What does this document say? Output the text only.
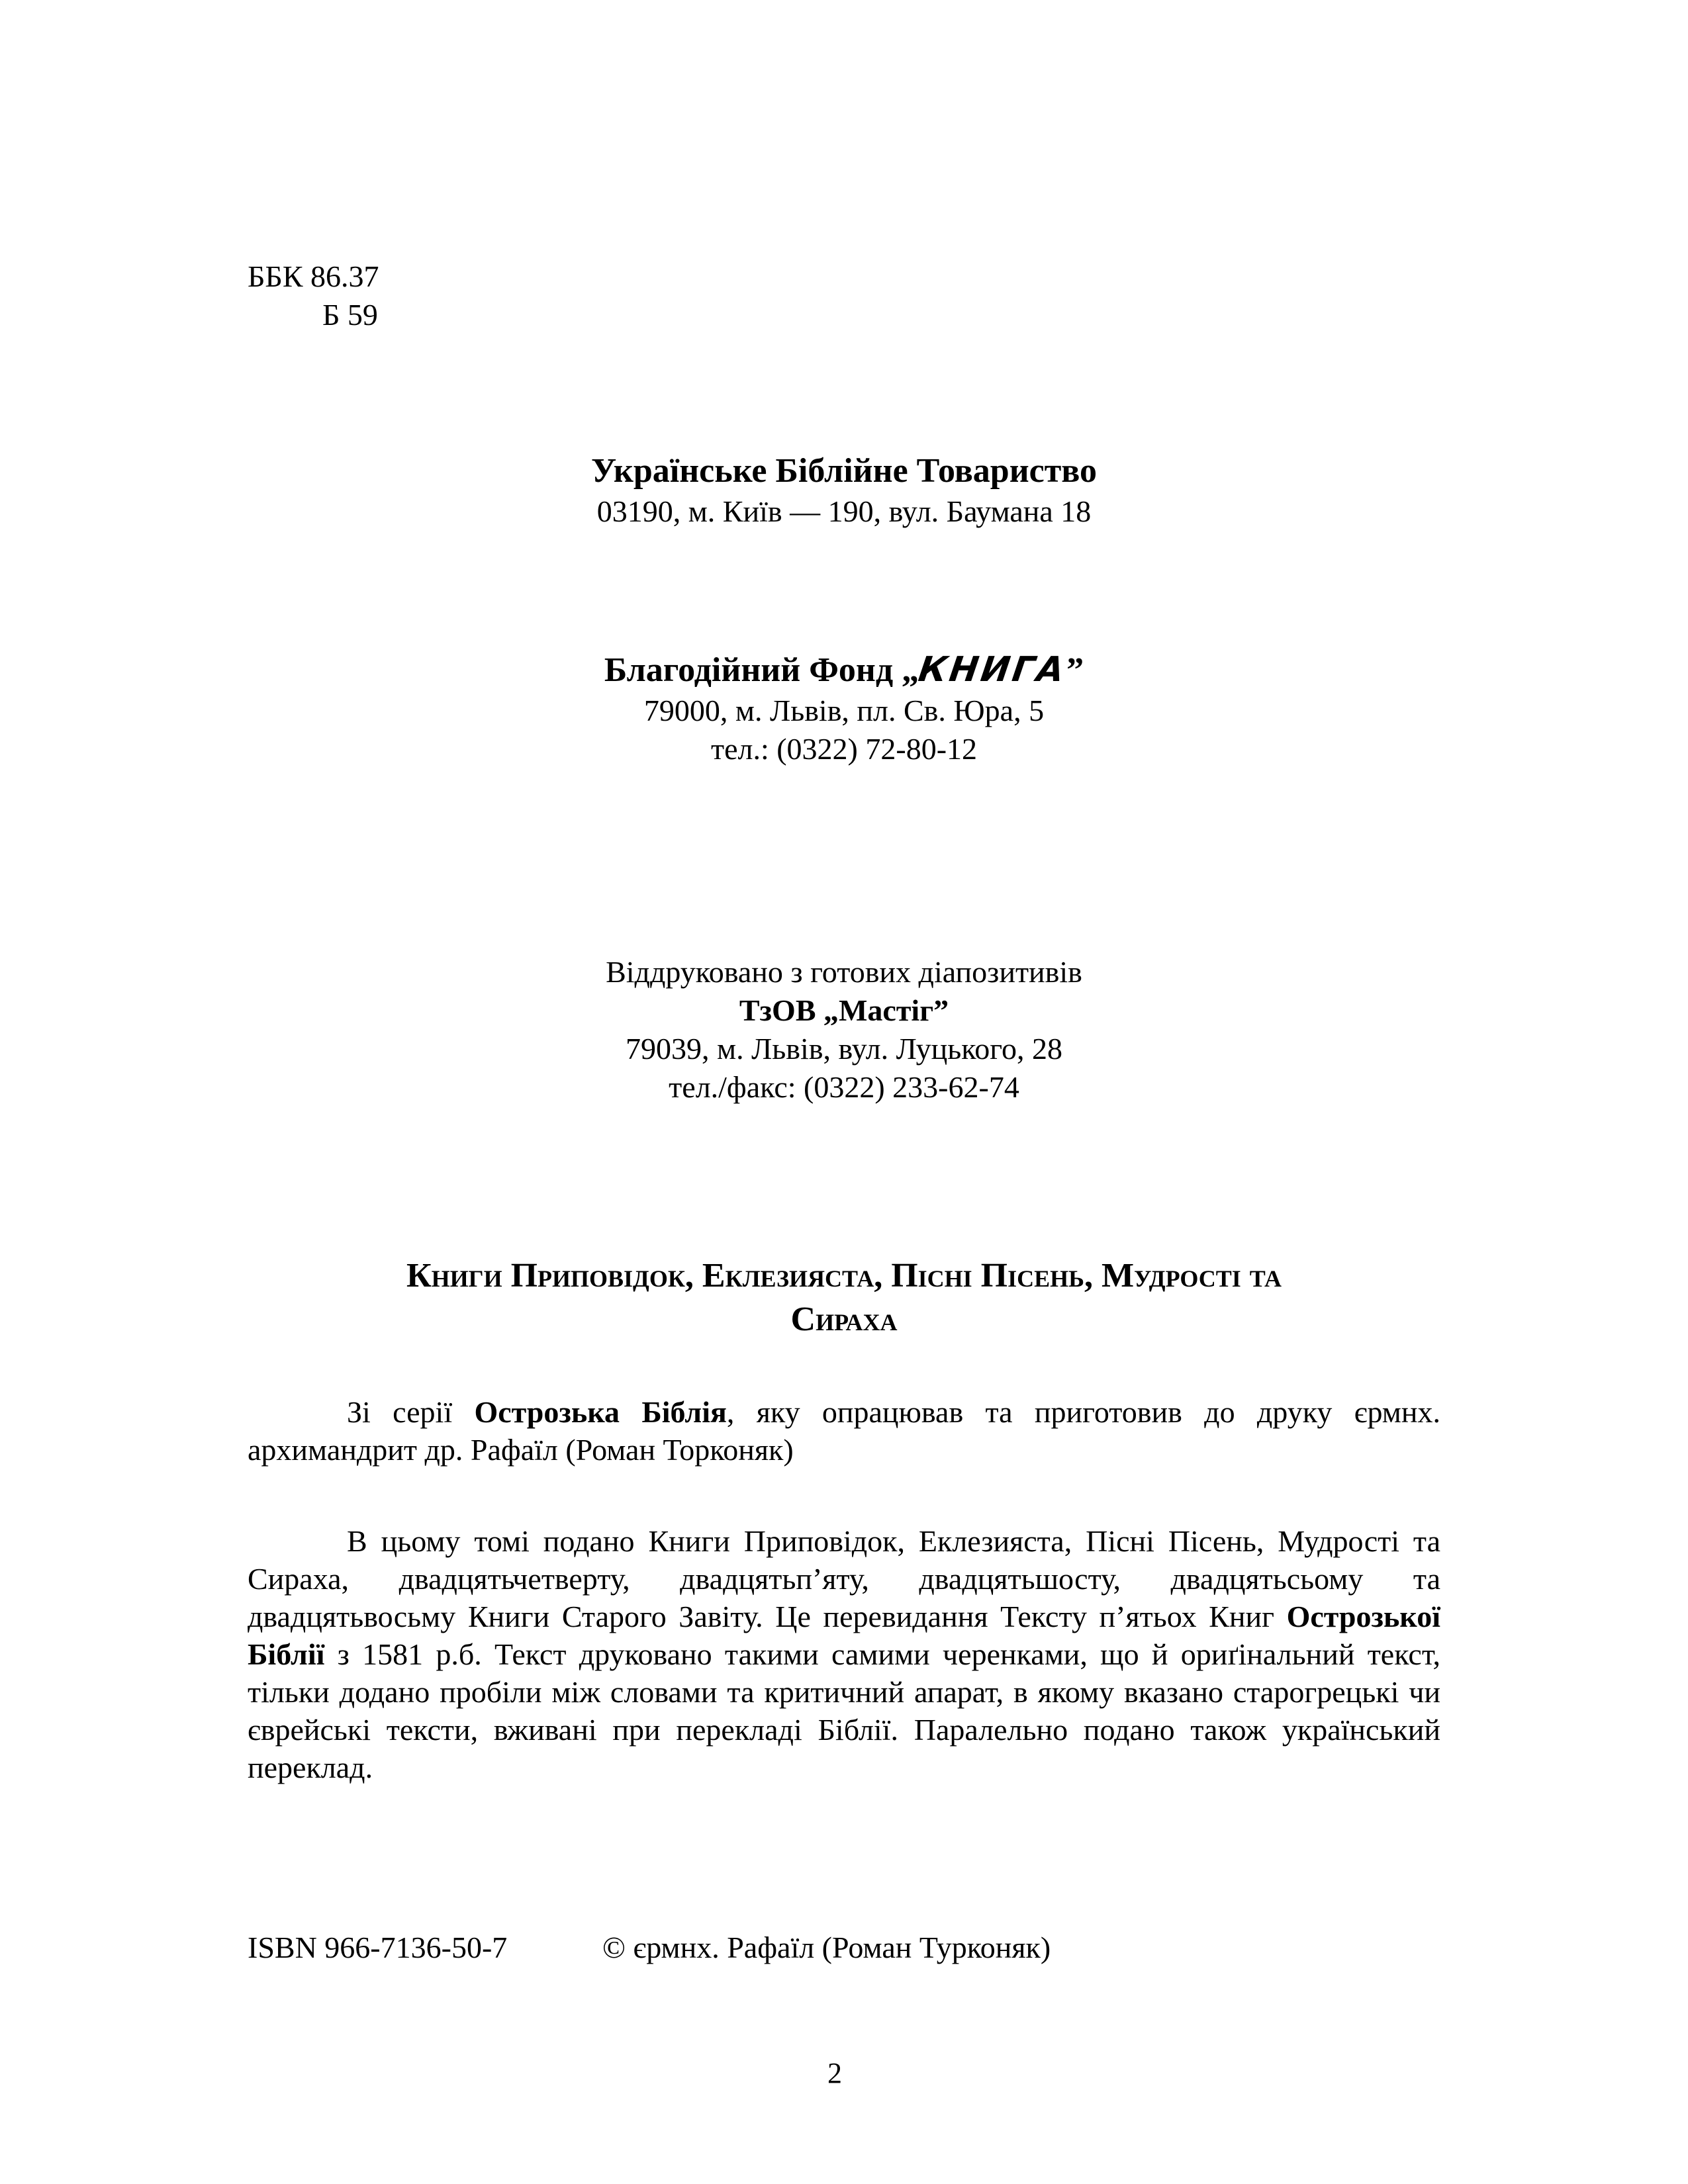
ББК 86.37
Б 59
Українське Біблійне Товариство
03190, м. Київ — 190, вул. Баумана 18
Благодійний Фонд „КНИГА”
79000, м. Львів, пл. Св. Юра, 5
тел.: (0322) 72-80-12
Віддруковано з готових діапозитивів
ТзОВ „Мастіг”
79039, м. Львів, вул. Луцького, 28
тел./факс: (0322) 233-62-74
Книги Приповідок, Еклезияста, Пісні Пісень, Мудрості та
Сираха

Зі серії Острозька Біблія, яку опрацював та приготовив до друку єрмнх. архимандрит др. Рафаїл (Роман Торконяк)

В цьому томі подано Книги Приповідок, Еклезияста, Пісні Пісень, Мудрості та Сираха, двадцятьчетверту, двадцятьп’яту, двадцятьшосту, двадцятьсьому та двадцятьвосьму Книги Старого Завіту. Це перевидання Тексту п’ятьох Книг Острозької Біблії з 1581 р.б. Текст друковано такими самими черенками, що й ориґінальний текст, тільки додано пробіли між словами та критичний апарат, в якому вказано старогрецькі чи єврейські тексти, вживані при перекладі Біблії. Паралельно подано також український переклад.

ISBN 966-7136-50-7	© єрмнх. Рафаїл (Роман Турконяк)
2
